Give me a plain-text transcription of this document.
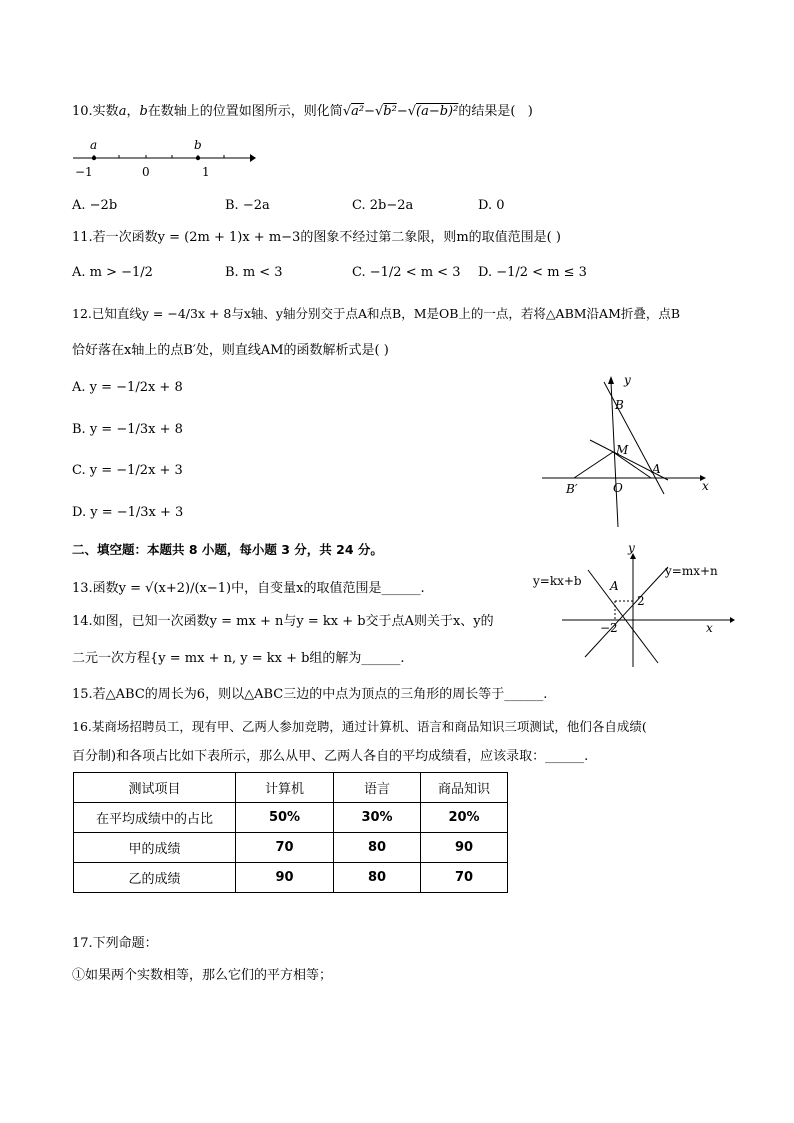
10.实数a，b在数轴上的位置如图所示，则化简√a²−√b²−√(a−b)²的结果是(   )
a	b
−1	0	1
A. −2b	B. −2a	C. 2b−2a	D. 0
11.若一次函数y = (2m + 1)x + m−3的图象不经过第二象限，则m的取值范围是( )
A. m > −1/2	B. m < 3	C. −1/2 < m < 3 D. −1/2 < m ≤ 3
12.已知直线y = −4/3x + 8与x轴、y轴分别交于点A和点B，M是OB上的一点，若将△ABM沿AM折叠，点B
恰好落在x轴上的点B′处，则直线AM的函数解析式是( )
A. y = −1/2x + 8
B. y = −1/3x + 8
C. y = −1/2x + 3
D. y = −1/3x + 3
y
x
B
M
A
O
B′
二、填空题：本题共 8 小题，每小题 3 分，共 24 分。
13.函数y = √(x+2)/(x−1)中，自变量x的取值范围是______.
14.如图，已知一次函数y = mx + n与y = kx + b交于点A则关于x、y的
二元一次方程{y = mx + n, y = kx + b组的解为______.
y
x
A
2
−2
y=kx+b
y=mx+n
15.若△ABC的周长为6，则以△ABC三边的中点为顶点的三角形的周长等于______.
16.某商场招聘员工，现有甲、乙两人参加竞聘，通过计算机、语言和商品知识三项测试，他们各自成绩(
百分制)和各项占比如下表所示，那么从甲、乙两人各自的平均成绩看，应该录取：______.
测试项目	计算机	语言	商品知识
在平均成绩中的占比	50%	30%	20%
甲的成绩	70	80	90
乙的成绩	90	80	70
17.下列命题：
①如果两个实数相等，那么它们的平方相等；
